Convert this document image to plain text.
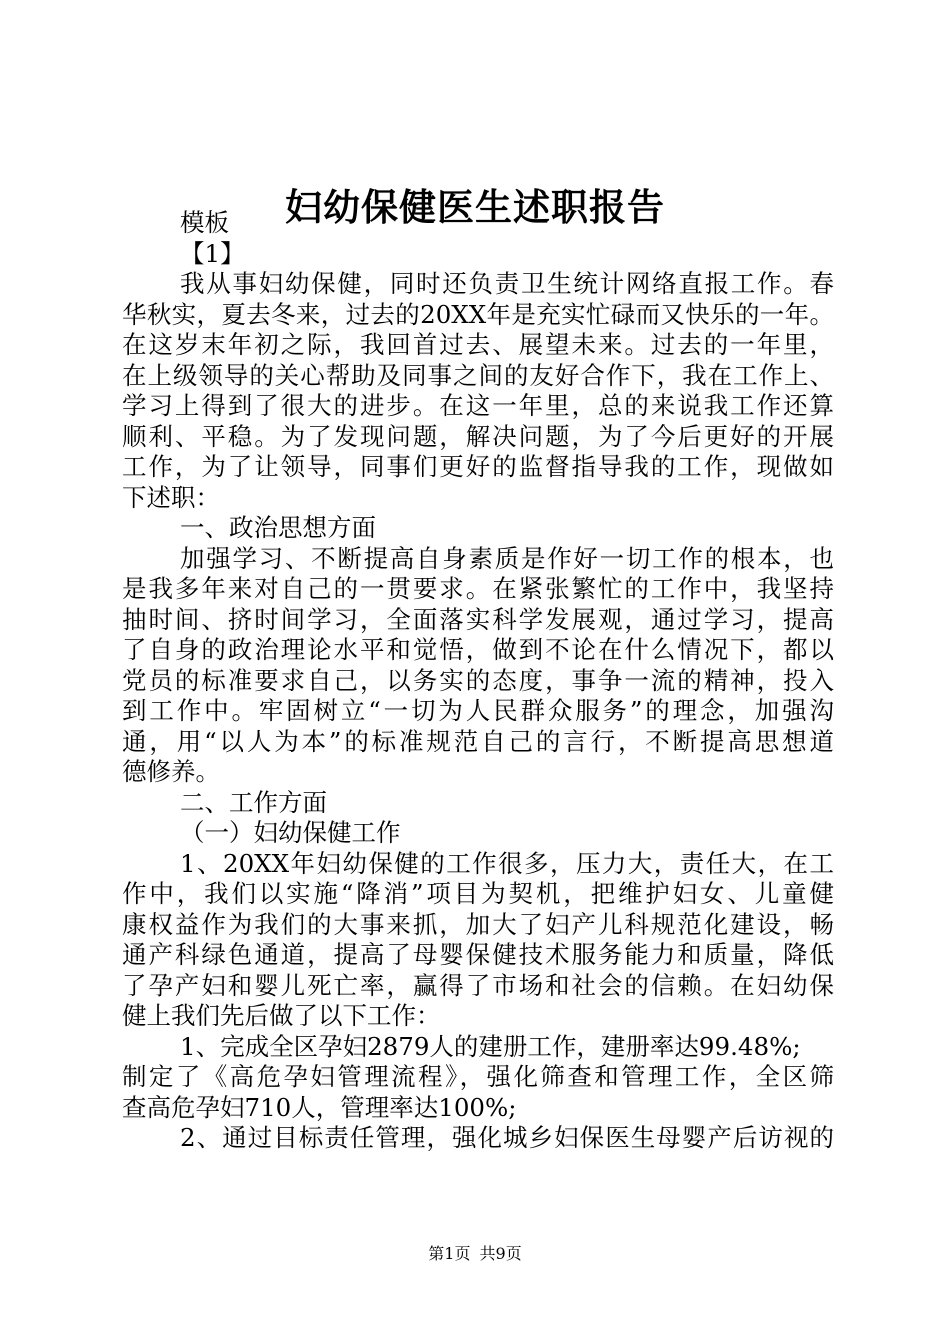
妇幼保健医生述职报告
模板
【1】
我从事妇幼保健，同时还负责卫生统计网络直报工作。春
华秋实，夏去冬来，过去的20XX年是充实忙碌而又快乐的一年。
在这岁末年初之际，我回首过去、展望未来。过去的一年里，
在上级领导的关心帮助及同事之间的友好合作下，我在工作上、
学习上得到了很大的进步。在这一年里，总的来说我工作还算
顺利、平稳。为了发现问题，解决问题，为了今后更好的开展
工作，为了让领导，同事们更好的监督指导我的工作，现做如
下述职：
一、政治思想方面
加强学习、不断提高自身素质是作好一切工作的根本，也
是我多年来对自己的一贯要求。在紧张繁忙的工作中，我坚持
抽时间、挤时间学习，全面落实科学发展观，通过学习，提高
了自身的政治理论水平和觉悟，做到不论在什么情况下，都以
党员的标准要求自己，以务实的态度，事争一流的精神，投入
到工作中。牢固树立“一切为人民群众服务”的理念，加强沟
通，用“以人为本”的标准规范自己的言行，不断提高思想道
德修养。
二、工作方面
（一）妇幼保健工作
1、20XX年妇幼保健的工作很多，压力大，责任大，在工
作中，我们以实施“降消”项目为契机，把维护妇女、儿童健
康权益作为我们的大事来抓，加大了妇产儿科规范化建设，畅
通产科绿色通道，提高了母婴保健技术服务能力和质量，降低
了孕产妇和婴儿死亡率，赢得了市场和社会的信赖。在妇幼保
健上我们先后做了以下工作：
1、完成全区孕妇2879人的建册工作，建册率达99.48%;
制定了《高危孕妇管理流程》，强化筛查和管理工作，全区筛
查高危孕妇710人，管理率达100%;
2、通过目标责任管理，强化城乡妇保医生母婴产后访视的
第1页 共9页
